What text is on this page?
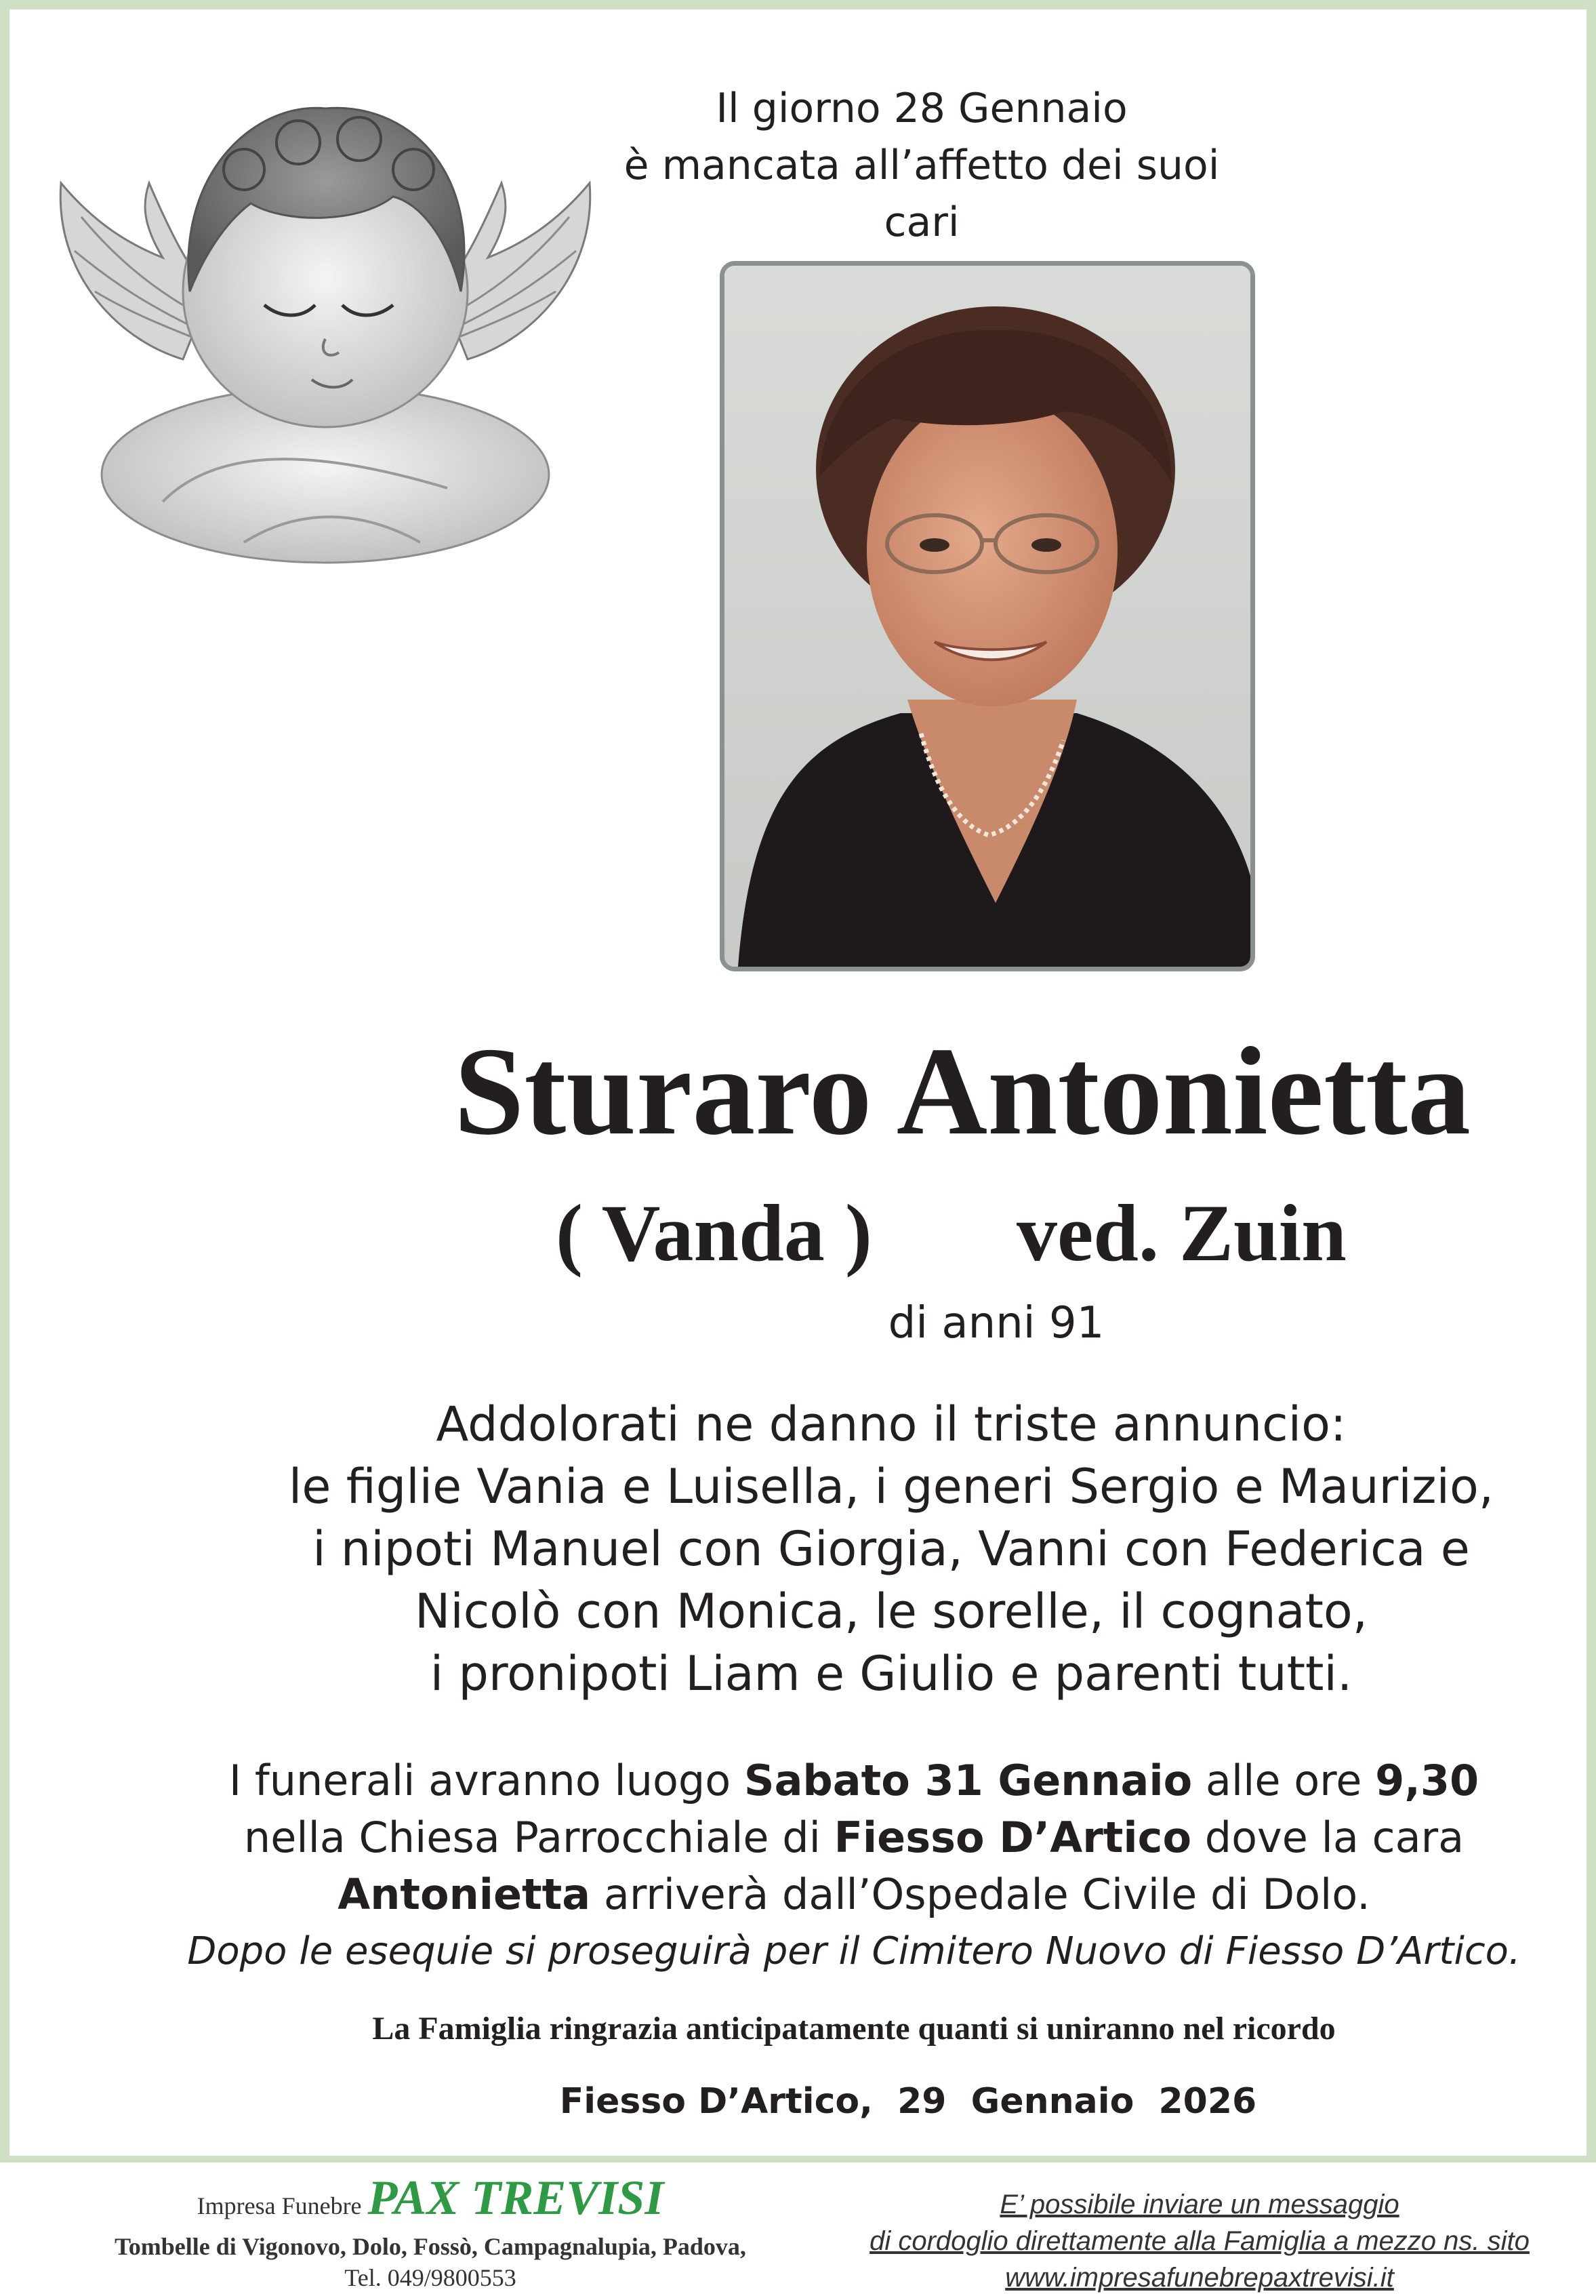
Il giorno 28 Gennaio
è mancata all’affetto dei suoi cari
Sturaro Antonietta
( Vanda ) ved. Zuin
di anni 91
Addolorati ne danno il triste annuncio:
le figlie Vania e Luisella, i generi Sergio e Maurizio,
i nipoti Manuel con Giorgia, Vanni con Federica e
Nicolò con Monica, le sorelle, il cognato,
i pronipoti Liam e Giulio e parenti tutti.
I funerali avranno luogo Sabato 31 Gennaio alle ore 9,30
nella Chiesa Parrocchiale di Fiesso D’Artico dove la cara
Antonietta arriverà dall’Ospedale Civile di Dolo.
Dopo le esequie si proseguirà per il Cimitero Nuovo di Fiesso D’Artico.
La Famiglia ringrazia anticipatamente quanti si uniranno nel ricordo
Fiesso D’Artico,  29  Gennaio  2026
Impresa Funebre PAX TREVISI
Tombelle di Vigonovo, Dolo, Fossò, Campagnalupia, Padova,
Tel. 049/9800553
E’ possibile inviare un messaggio
di cordoglio direttamente alla Famiglia a mezzo ns. sito
www.impresafunebrepaxtrevisi.it
